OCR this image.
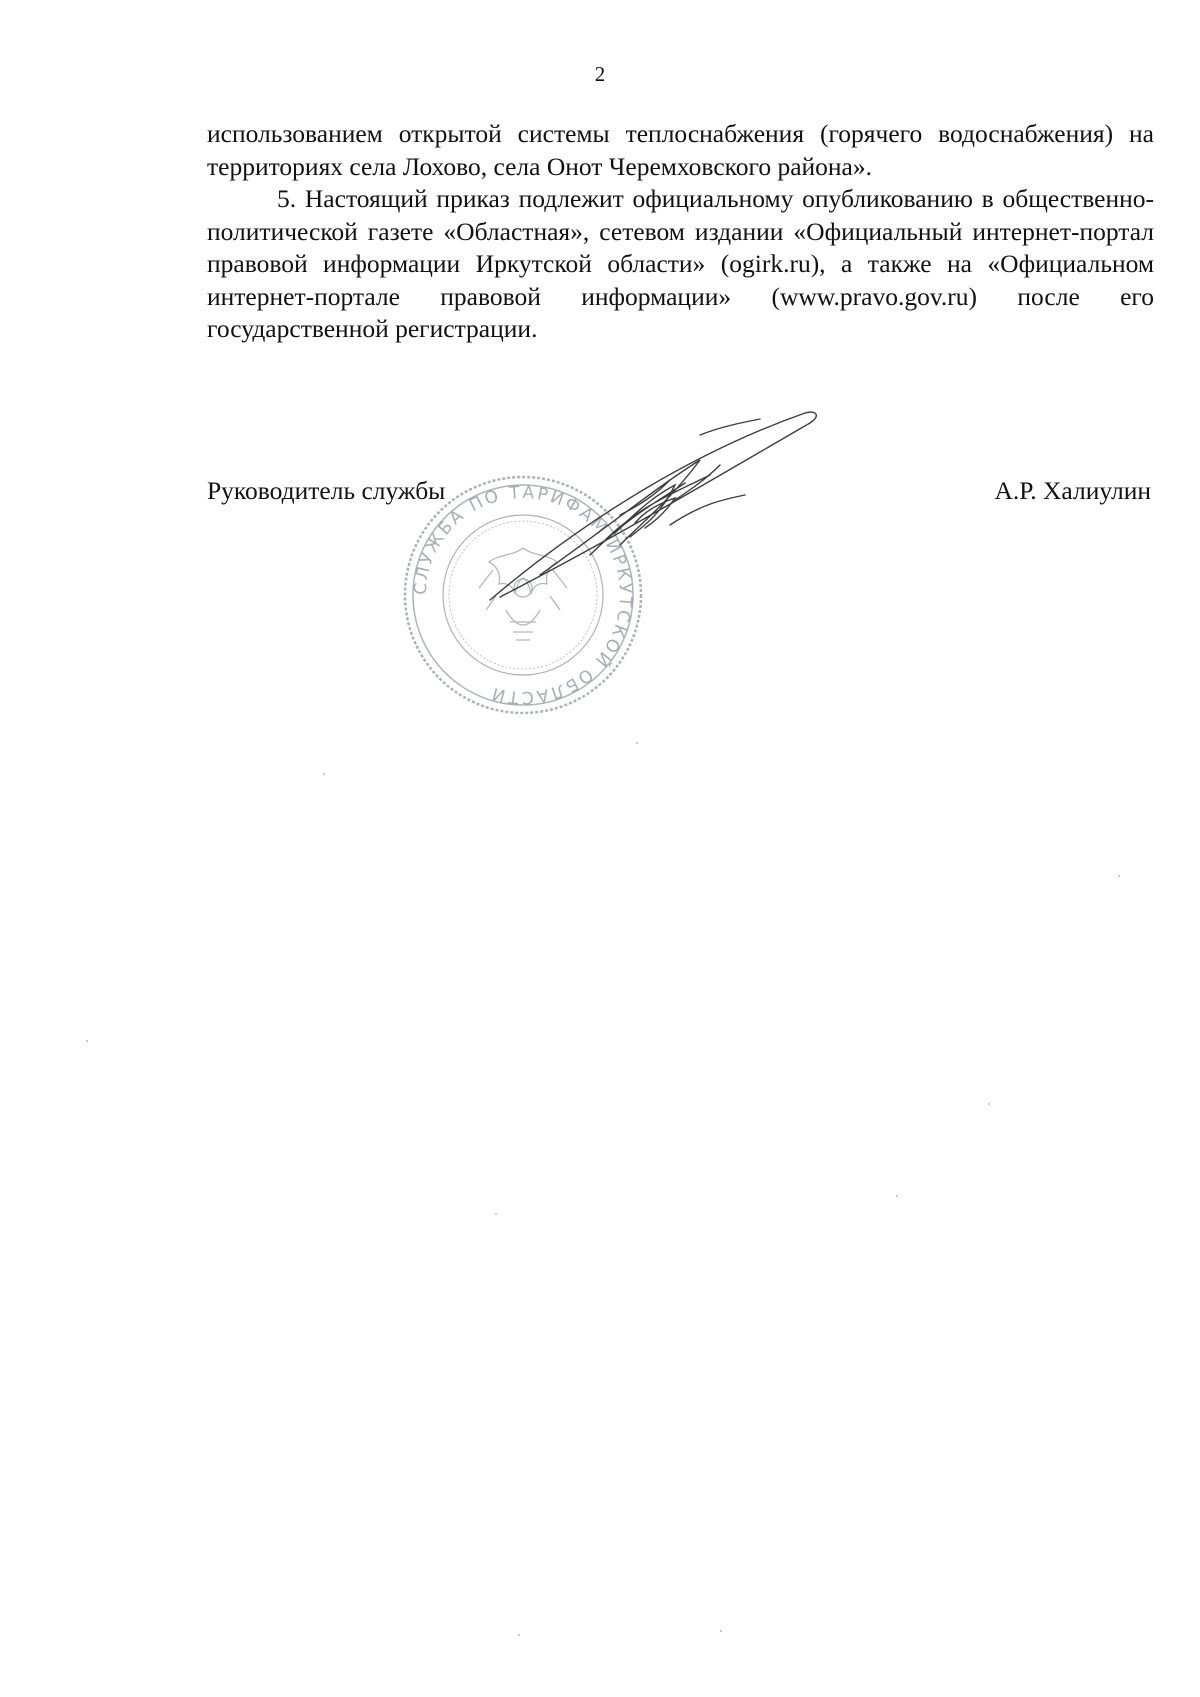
2

использованием открытой системы теплоснабжения (горячего водоснабжения) на территориях села Лохово, села Онот Черемховского района».

5. Настоящий приказ подлежит официальному опубликованию в общественно-политической газете «Областная», сетевом издании «Официальный интернет-портал правовой информации Иркутской области» (ogirk.ru), а также на «Официальном интернет-портале правовой информации» (www.pravo.gov.ru) после его государственной регистрации.

Руководитель службы	А.Р. Халиулин
СЛУЖБА ПО ТАРИФАМ ИРКУТСКОЙ ОБЛАСТИ
